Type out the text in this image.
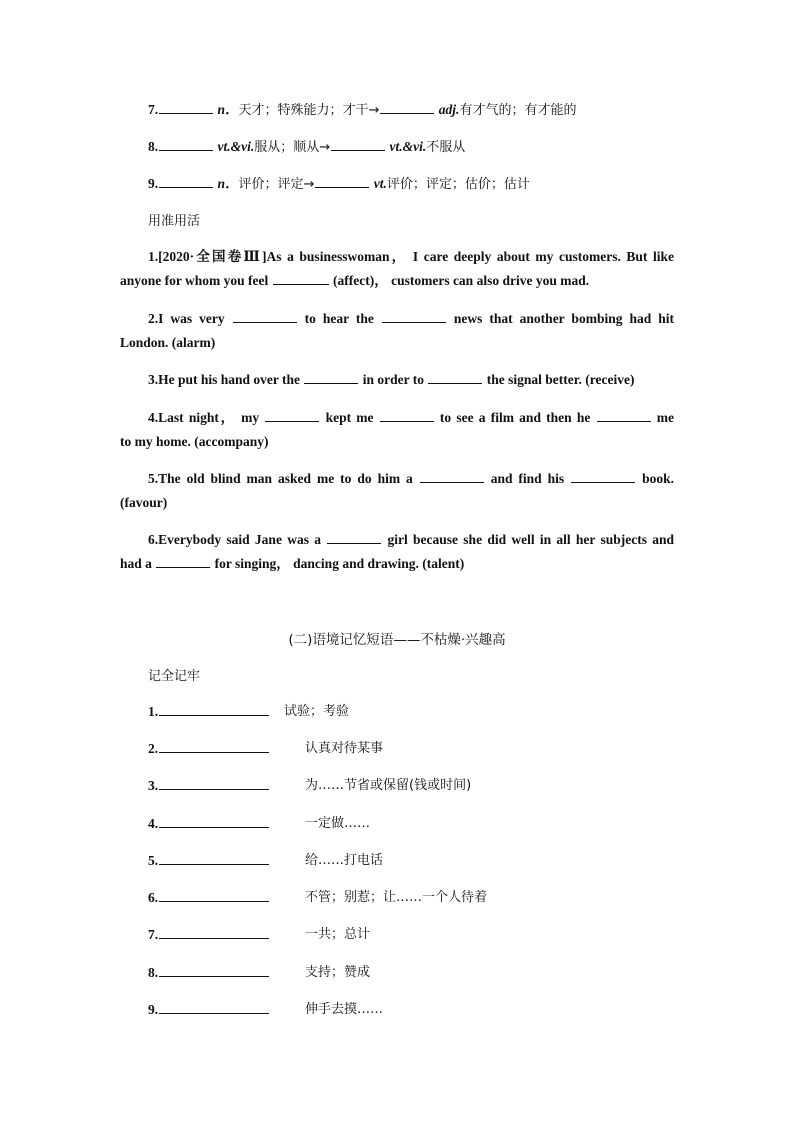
7.	n．天才；特殊能力；才干→	adj.有才气的；有才能的
8.	vt.&vi.服从；顺从→	vt.&vi.不服从
9.	n．评价；评定→	vt.评价；评定；估价；估计
用准用活
1.[2020·全国卷Ⅲ]As a businesswoman， I care deeply about my customers. But like
anyone for whom you feel	(affect)， customers can also drive you mad.
2.I was very	to hear the	news that another bombing had hit
London. (alarm)
3.He put his hand over the	in order to	the signal better. (receive)
4.Last night， my	kept me	to see a film and then he	me
to my home. (accompany)
5.The old blind man asked me to do him a	and find his	book.
(favour)
6.Everybody said Jane was a	girl because she did well in all her subjects and
had a	for singing， dancing and drawing. (talent)
(二)语境记忆短语——不枯燥·兴趣高
记全记牢
1.	试验；考验
2.	认真对待某事
3.	为……节省或保留(钱或时间)
4.	一定做……
5.	给……打电话
6.	不管；别惹；让……一个人待着
7.	一共；总计
8.	支持；赞成
9.	伸手去摸……
